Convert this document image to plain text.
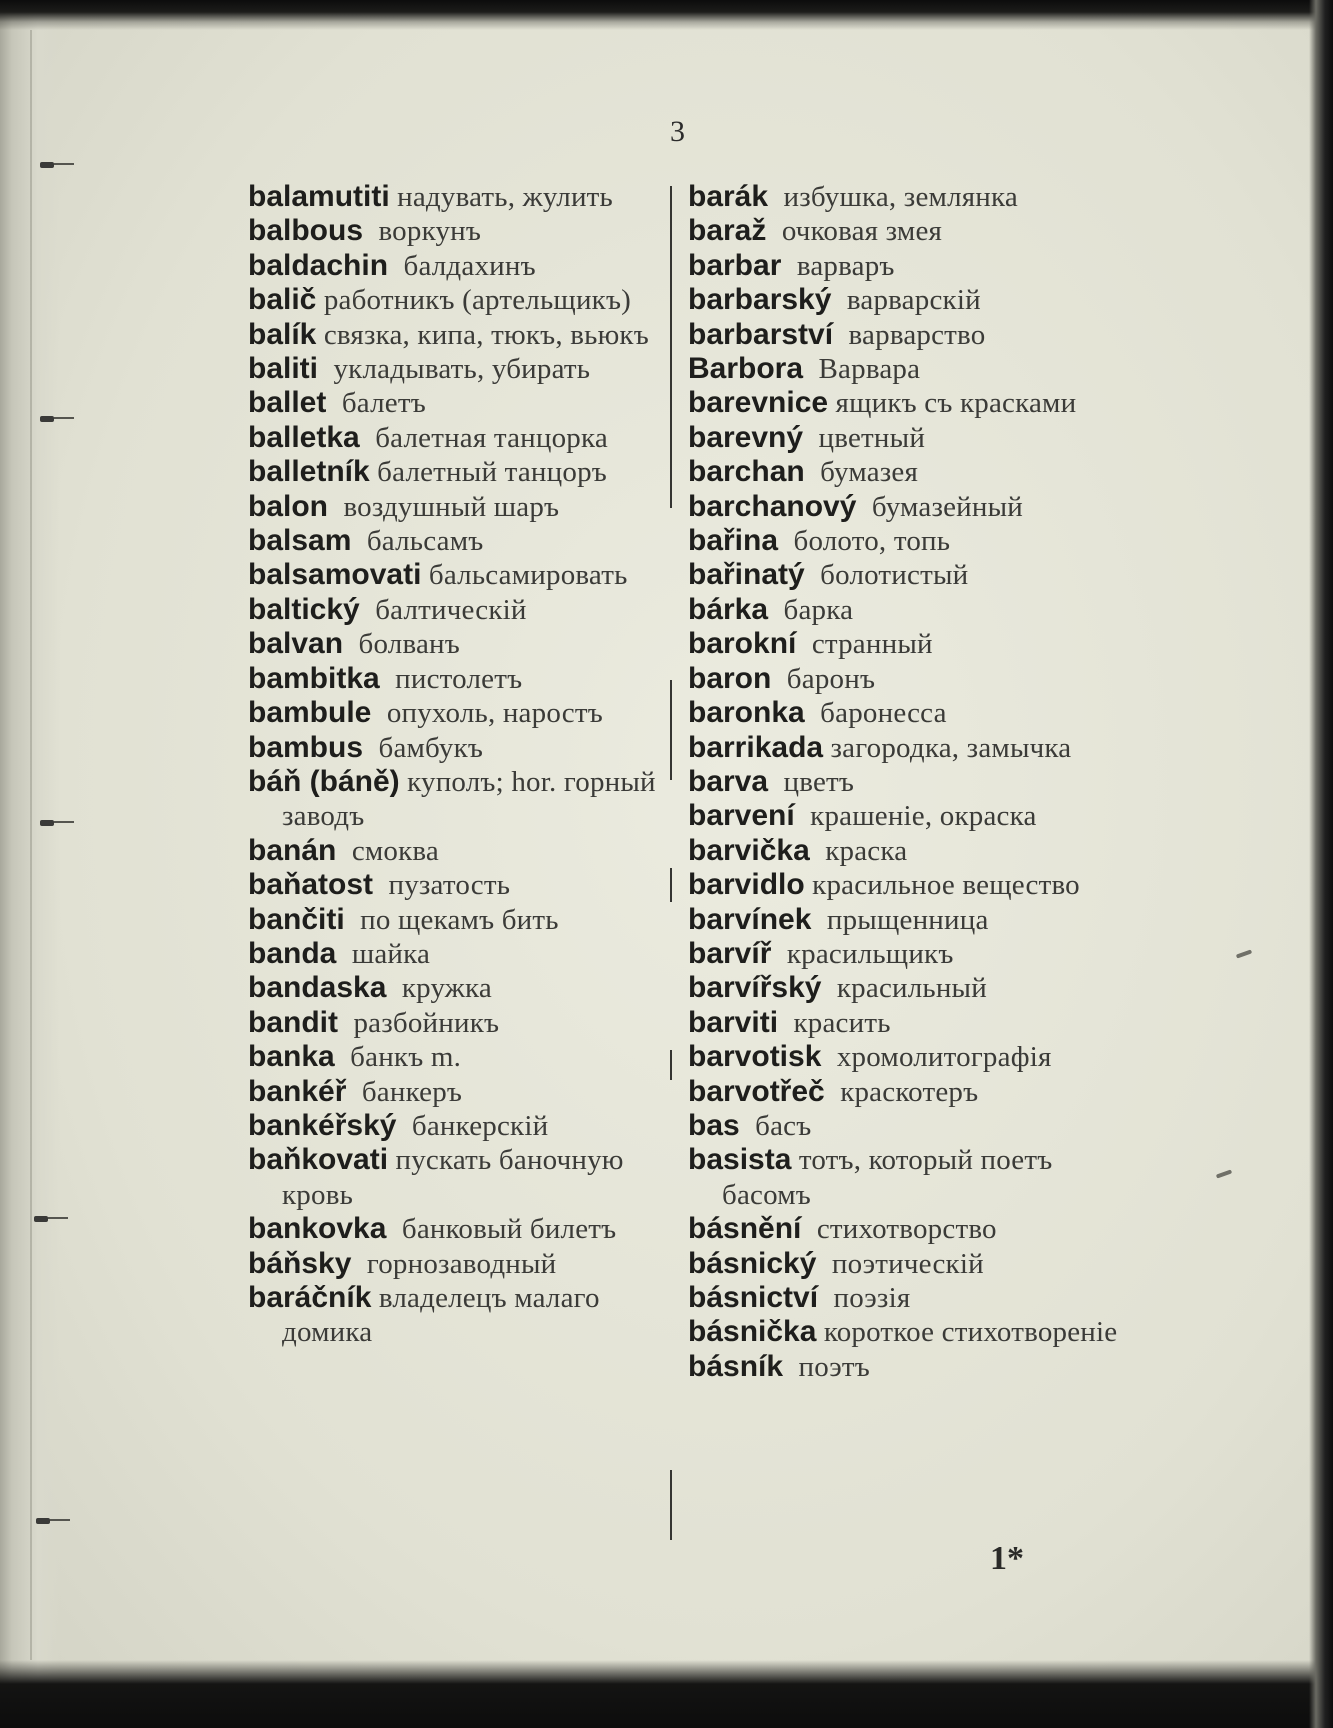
3
balamutiti надувать, жулить
balbous воркунъ
baldachin балдахинъ
balič работникъ (артельщикъ)
balík связка, кипа, тюкъ, вьюкъ
baliti укладывать, убирать
ballet балетъ
balletka балетная танцорка
balletník балетный танцоръ
balon воздушный шаръ
balsam бальсамъ
balsamovati бальсамировать
baltický балтическій
balvan болванъ
bambitka пистолетъ
bambule опухоль, наростъ
bambus бамбукъ
báň (báně) куполъ; hor. горный заводъ
banán смоква
baňatost пузатость
bančiti по щекамъ бить
banda шайка
bandaska кружка
bandit разбойникъ
banka банкъ m.
bankéř банкеръ
bankéřský банкерскій
baňkovati пускать баночную кровь
bankovka банковый билетъ
báňsky горнозаводный
baráčník владелецъ малаго домика
barák избушка, землянка
baraž очковая змея
barbar варваръ
barbarský варварскій
barbarství варварство
Barbora Варвара
barevnice ящикъ съ красками
barevný цветный
barchan бумазея
barchanový бумазейный
bařina болото, топь
bařinatý болотистый
bárka барка
barokní странный
baron баронъ
baronka баронесса
barrikada загородка, замычка
barva цветъ
barvení крашеніе, окраска
barvička краска
barvidlo красильное вещество
barvínek прыщенница
barvíř красильщикъ
barvířský красильный
barviti красить
barvotisk хромолитографія
barvotřeč краскотеръ
bas басъ
basista тотъ, который поетъ басомъ
básnění стихотворство
básnický поэтическій
básnictví поэзія
básnička короткое стихотвореніе
básník поэтъ
1*
